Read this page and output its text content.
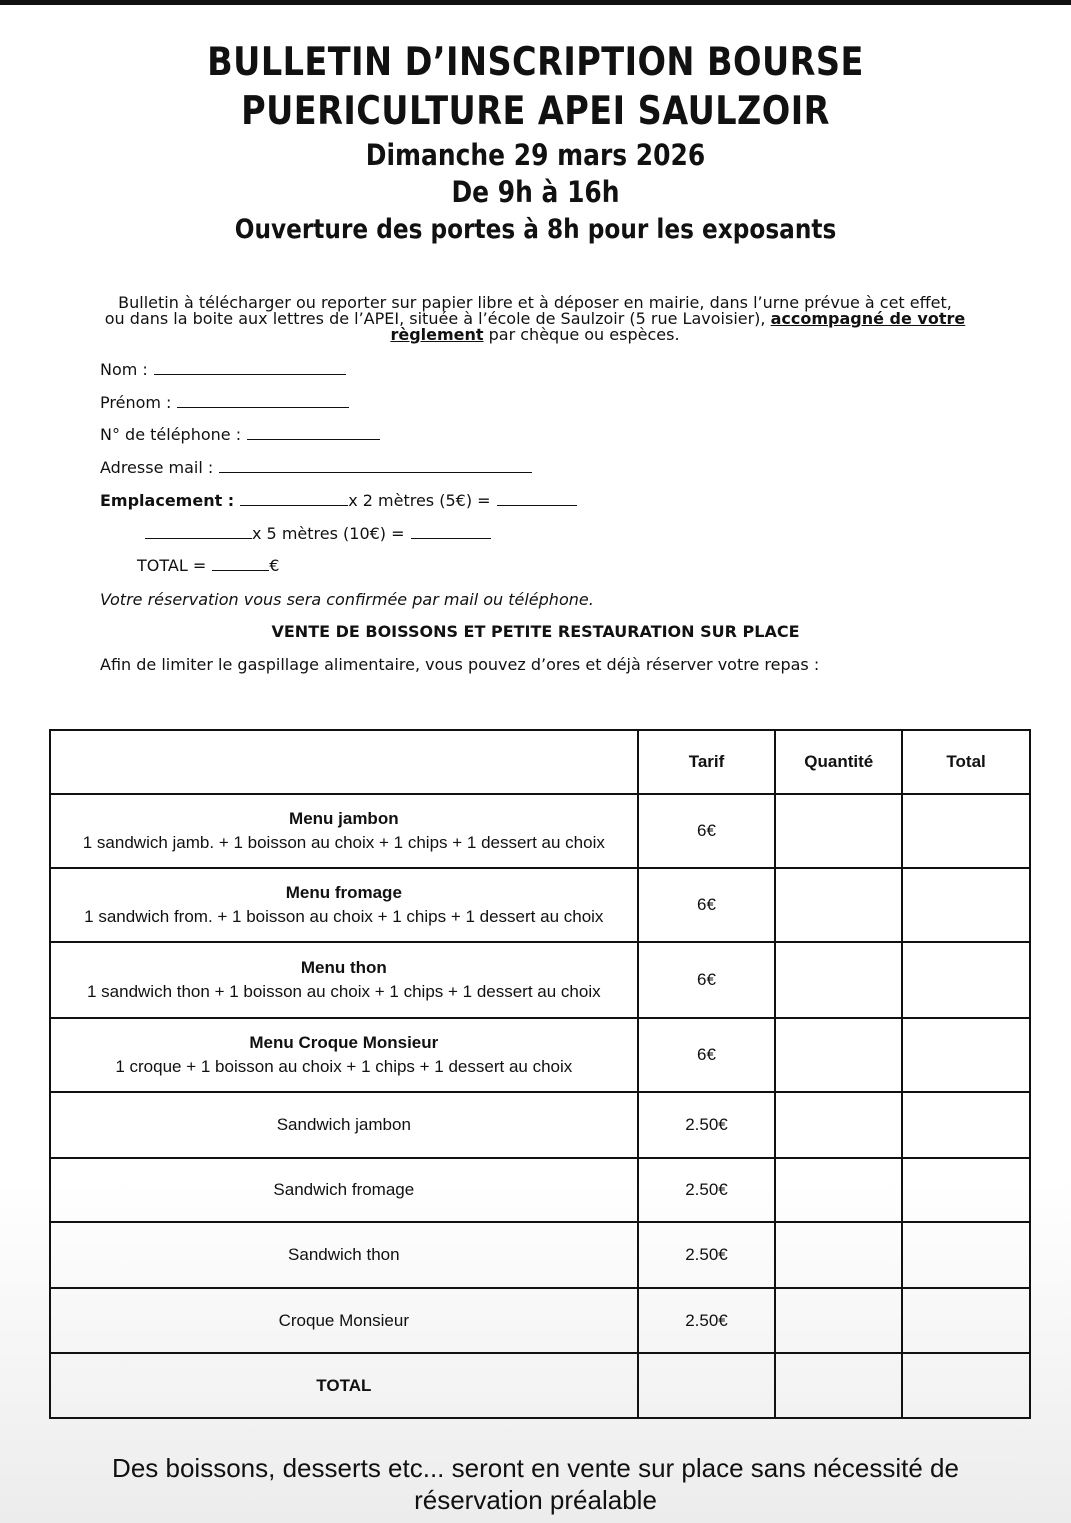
BULLETIN D’INSCRIPTION BOURSE
PUERICULTURE APEI SAULZOIR
Dimanche 29 mars 2026
De 9h à 16h
Ouverture des portes à 8h pour les exposants
Bulletin à télécharger ou reporter sur papier libre et à déposer en mairie, dans l’urne prévue à cet effet,
ou dans la boite aux lettres de l’APEI, située à l’école de Saulzoir (5 rue Lavoisier), accompagné de votre
règlement par chèque ou espèces.
Nom :
Prénom :
N° de téléphone :
Adresse mail :
Emplacement :	x 2 mètres (5€) =
x 5 mètres (10€) =
TOTAL =	€
Votre réservation vous sera confirmée par mail ou téléphone.
VENTE DE BOISSONS ET PETITE RESTAURATION SUR PLACE
Afin de limiter le gaspillage alimentaire, vous pouvez d’ores et déjà réserver votre repas :
	Tarif	Quantité	Total

Menu jambon
1 sandwich jamb. + 1 boisson au choix + 1 chips + 1 dessert au choix	6€		

Menu fromage
1 sandwich from. + 1 boisson au choix + 1 chips + 1 dessert au choix	6€		

Menu thon
1 sandwich thon + 1 boisson au choix + 1 chips + 1 dessert au choix	6€		

Menu Croque Monsieur
1 croque + 1 boisson au choix + 1 chips + 1 dessert au choix	6€		
Sandwich jambon	2.50€		
Sandwich fromage	2.50€		
Sandwich thon	2.50€		
Croque Monsieur	2.50€		
TOTAL			
Des boissons, desserts etc... seront en vente sur place sans nécessité de
réservation préalable
